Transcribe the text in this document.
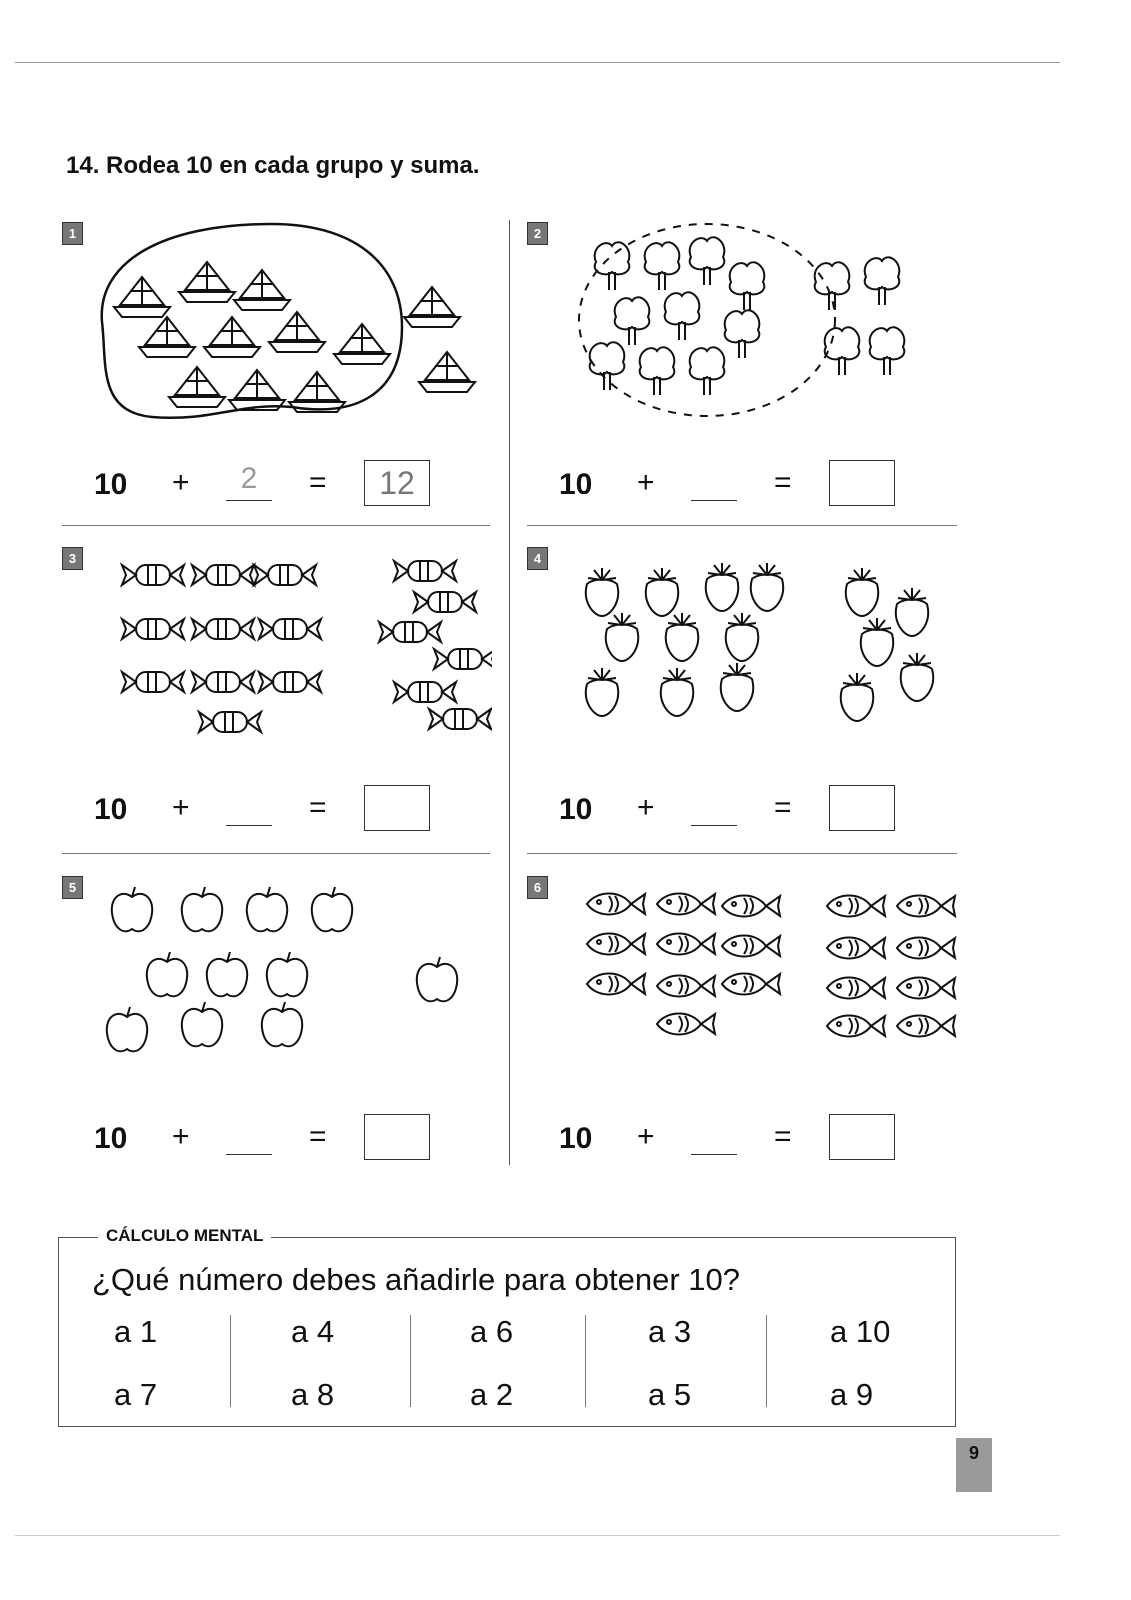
14. Rodea 10 en cada grupo y suma.
1
10 +	2	=	12
2
10 +	=
3
10 +	=
4
10 +	=
5
10 +	=
6
10 +	=
CÁLCULO MENTAL
¿Qué número debes añadirle para obtener 10?
a 1	a 4	a 6	a 3	a 10
a 7	a 8	a 2	a 5	a 9
9
